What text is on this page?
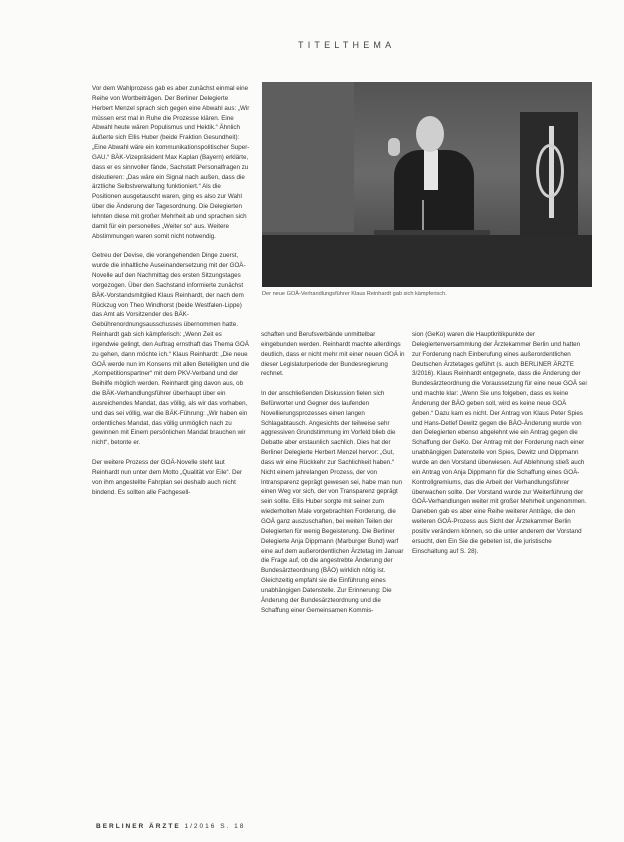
TITELTHEMA

Vor dem Wahlprozess gab es aber zunächst einmal eine Reihe von Wortbeiträgen. Der Berliner Delegierte Herbert Menzel sprach sich gegen eine Abwahl aus: „Wir müssen erst mal in Ruhe die Prozesse klären. Eine Abwahl heute wären Populismus und Hektik.“ Ähnlich äußerte sich Ellis Huber (beide Fraktion Gesundheit): „Eine Abwahl wäre ein kommunikationspolitischer Super-GAU.“ BÄK-Vizepräsident Max Kaplan (Bayern) erklärte, dass er es sinnvoller fände, Sachstatt Personalfragen zu diskutieren: „Das wäre ein Signal nach außen, dass die ärztliche Selbstverwaltung funktioniert.“ Als die Positionen ausgetauscht waren, ging es also zur Wahl über die Änderung der Tagesordnung. Die Delegierten lehnten diese mit großer Mehrheit ab und sprachen sich damit für ein personelles „Weiter so“ aus. Weitere Abstimmungen waren somit nicht notwendig.

Getreu der Devise, die vorangehenden Dinge zuerst, wurde die inhaltliche Auseinandersetzung mit der GOÄ-Novelle auf den Nachmittag des ersten Sitzungstages vorgezogen. Über den Sachstand informierte zunächst BÄK-Vorstandsmitglied Klaus Reinhardt, der nach dem Rückzug von Theo Windhorst (beide Westfalen-Lippe) das Amt als Vorsitzender des BÄK-Gebührenordnungsausschusses übernommen hatte. Reinhardt gab sich kämpferisch: „Wenn Zeit es irgendwie gelingt, den Auftrag ernsthaft das Thema GOÄ zu gehen, dann möchte ich.“ Klaus Reinhardt: „Die neue GOÄ werde nun im Konsens mit allen Beteiligten und die „Kompetitionspartner“ mit dem PKV-Verband und der Beihilfe möglich werden. Reinhardt ging davon aus, ob die BÄK-Verhandlungsführer überhaupt über ein ausreichendes Mandat, das völlig, als wir das vorhaben, und das sei völlig, war die BÄK-Führung: „Wir haben ein ordentliches Mandat, das völlig unmöglich nach zu gewinnen mit Einem persönlichen Mandat brauchen wir nicht“, betonte er.

Der weitere Prozess der GOÄ-Novelle steht laut Reinhardt nun unter dem Motto „Qualität vor Eile“. Der von ihm angestellte Fahrplan sei deshalb auch nicht bindend. Es sollten alle Fachgesell-

Der neue GOÄ-Verhandlungsführer Klaus Reinhardt gab sich kämpferisch.

schaften und Berufsverbände unmittelbar eingebunden werden. Reinhardt machte allerdings deutlich, dass er nicht mehr mit einer neuen GOÄ in dieser Legislaturperiode der Bundesregierung rechnet.

In der anschließenden Diskussion fielen sich Befürworter und Gegner des laufenden Novellierungsprozesses einen langen Schlagabtausch. Angesichts der teilweise sehr aggressiven Grundstimmung im Vorfeld blieb die Debatte aber erstaunlich sachlich. Dies hat der Berliner Delegierte Herbert Menzel hervor: „Gut, dass wir eine Rückkehr zur Sachlichkeit haben.“ Nicht einem jahrelangen Prozess, der von Intransparenz geprägt gewesen sei, habe man nun einen Weg vor sich, der von Transparenz geprägt sein sollte. Ellis Huber sorgte mit seiner zum wiederholten Male vorgebrachten Forderung, die GOÄ ganz auszuschaften, bei weiten Teilen der Delegierten für wenig Begeisterung. Die Berliner Delegierte Anja Dippmann (Marburger Bund) warf eine auf dem außerordentlichen Ärztetag im Januar die Frage auf, ob die angestrebte Änderung der Bundesärzteordnung (BÄO) wirklich nötig ist. Gleichzeitig empfahl sie die Einführung eines unabhängigen Datenstelle. Zur Erinnerung: Die Änderung der Bundesärzteordnung und die Schaffung einer Gemeinsamen Kommis-

sion (GeKo) waren die Hauptkritikpunkte der Delegiertenversammlung der Ärztekammer Berlin und hatten zur Forderung nach Einberufung eines außerordentlichen Deutschen Ärztetages geführt (s. auch BERLINER ÄRZTE 3/2016). Klaus Reinhardt entgegnete, dass die Änderung der Bundesärzteordnung die Voraussetzung für eine neue GOÄ sei und machte klar: „Wenn Sie uns folgeben, dass es keine Änderung der BÄO geben soll, wird es keine neue GOÄ geben.“ Dazu kam es nicht. Der Antrag von Klaus Peter Spies und Hans-Detlef Dewitz gegen die BÄO-Änderung wurde von den Delegierten ebenso abgelehnt wie ein Antrag gegen die Schaffung der GeKo. Der Antrag mit der Forderung nach einer unabhängigen Datenstelle von Spies, Dewitz und Dippmann wurde an den Vorstand überwiesen. Auf Ablehnung stieß auch ein Antrag von Anja Dippmann für die Schaffung eines GOÄ-Kontrollgremiums, das die Arbeit der Verhandlungsführer überwachen sollte. Der Vorstand wurde zur Weiterführung der GOÄ-Verhandlungen weiter mit großer Mehrheit ungenommen. Daneben gab es aber eine Reihe weiterer Anträge, die den weiteren GOÄ-Prozess aus Sicht der Ärztekammer Berlin positiv verändern können, so die unter anderem der Vorstand ersucht, den Ein Sie die gebeten ist, die juristische Einschaltung auf S. 28).

BERLINER ÄRZTE 1/2016 S. 18
